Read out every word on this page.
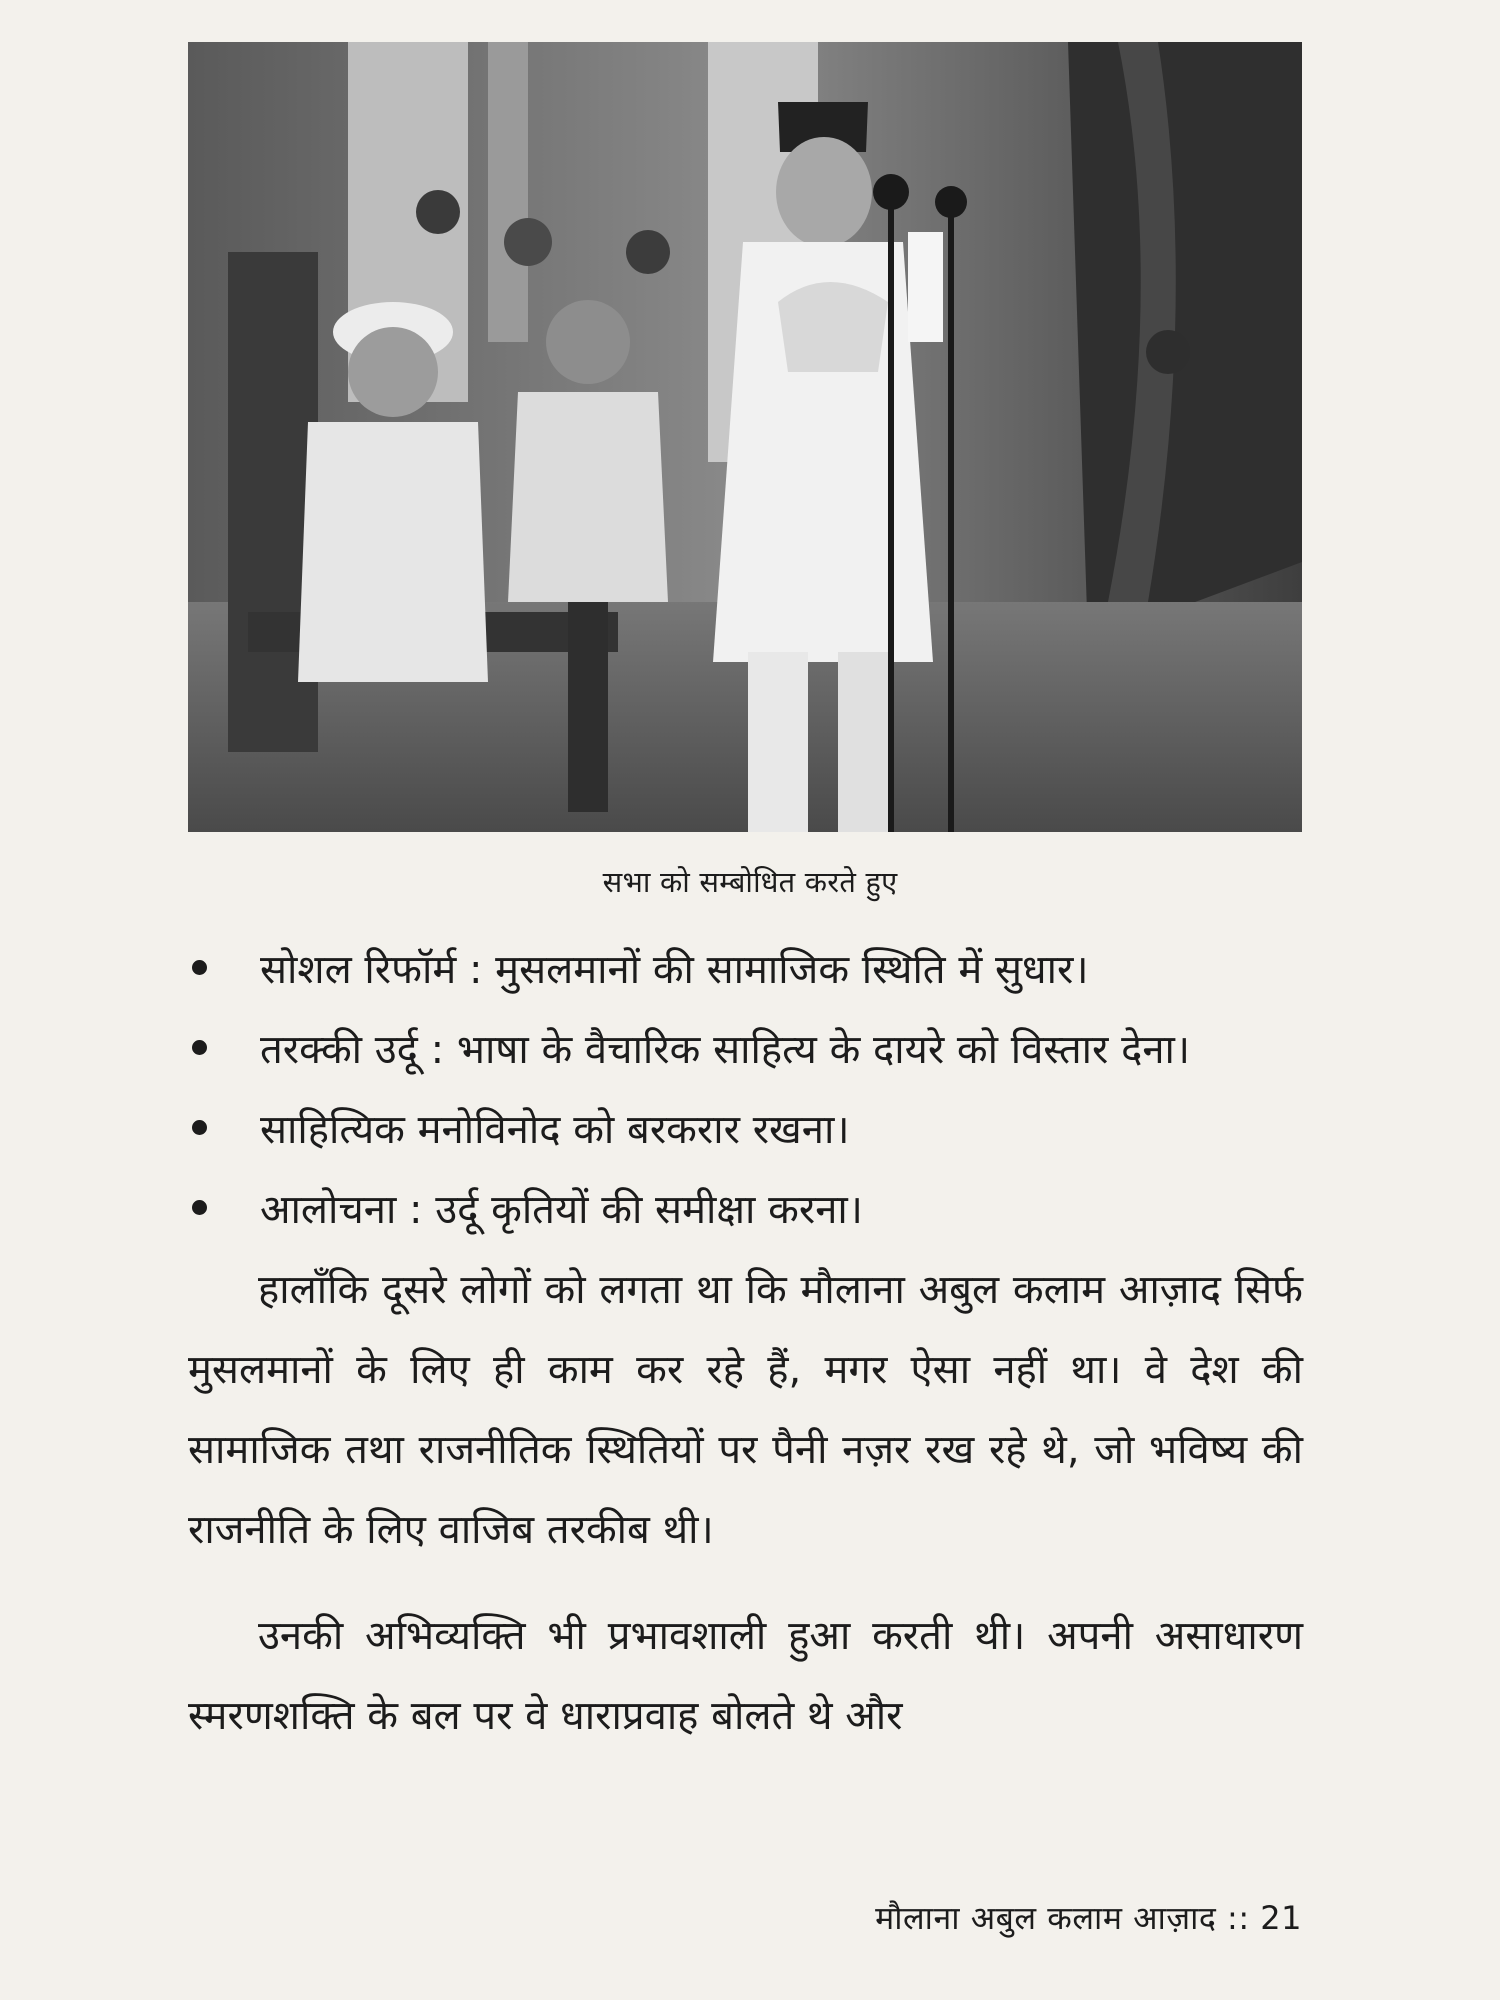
सभा को सम्बोधित करते हुए

सोशल रिफॉर्म : मुसलमानों की सामाजिक स्थिति में सुधार।

तरक्की उर्दू : भाषा के वैचारिक साहित्य के दायरे को विस्तार देना।

साहित्यिक मनोविनोद को बरकरार रखना।

आलोचना : उर्दू कृतियों की समीक्षा करना।

हालाँकि दूसरे लोगों को लगता था कि मौलाना अबुल कलाम आज़ाद सिर्फ मुसलमानों के लिए ही काम कर रहे हैं, मगर ऐसा नहीं था। वे देश की सामाजिक तथा राजनीतिक स्थितियों पर पैनी नज़र रख रहे थे, जो भविष्य की राजनीति के लिए वाजिब तरकीब थी।

उनकी अभिव्यक्ति भी प्रभावशाली हुआ करती थी। अपनी असाधारण स्मरणशक्ति के बल पर वे धाराप्रवाह बोलते थे और

मौलाना अबुल कलाम आज़ाद :: 21
